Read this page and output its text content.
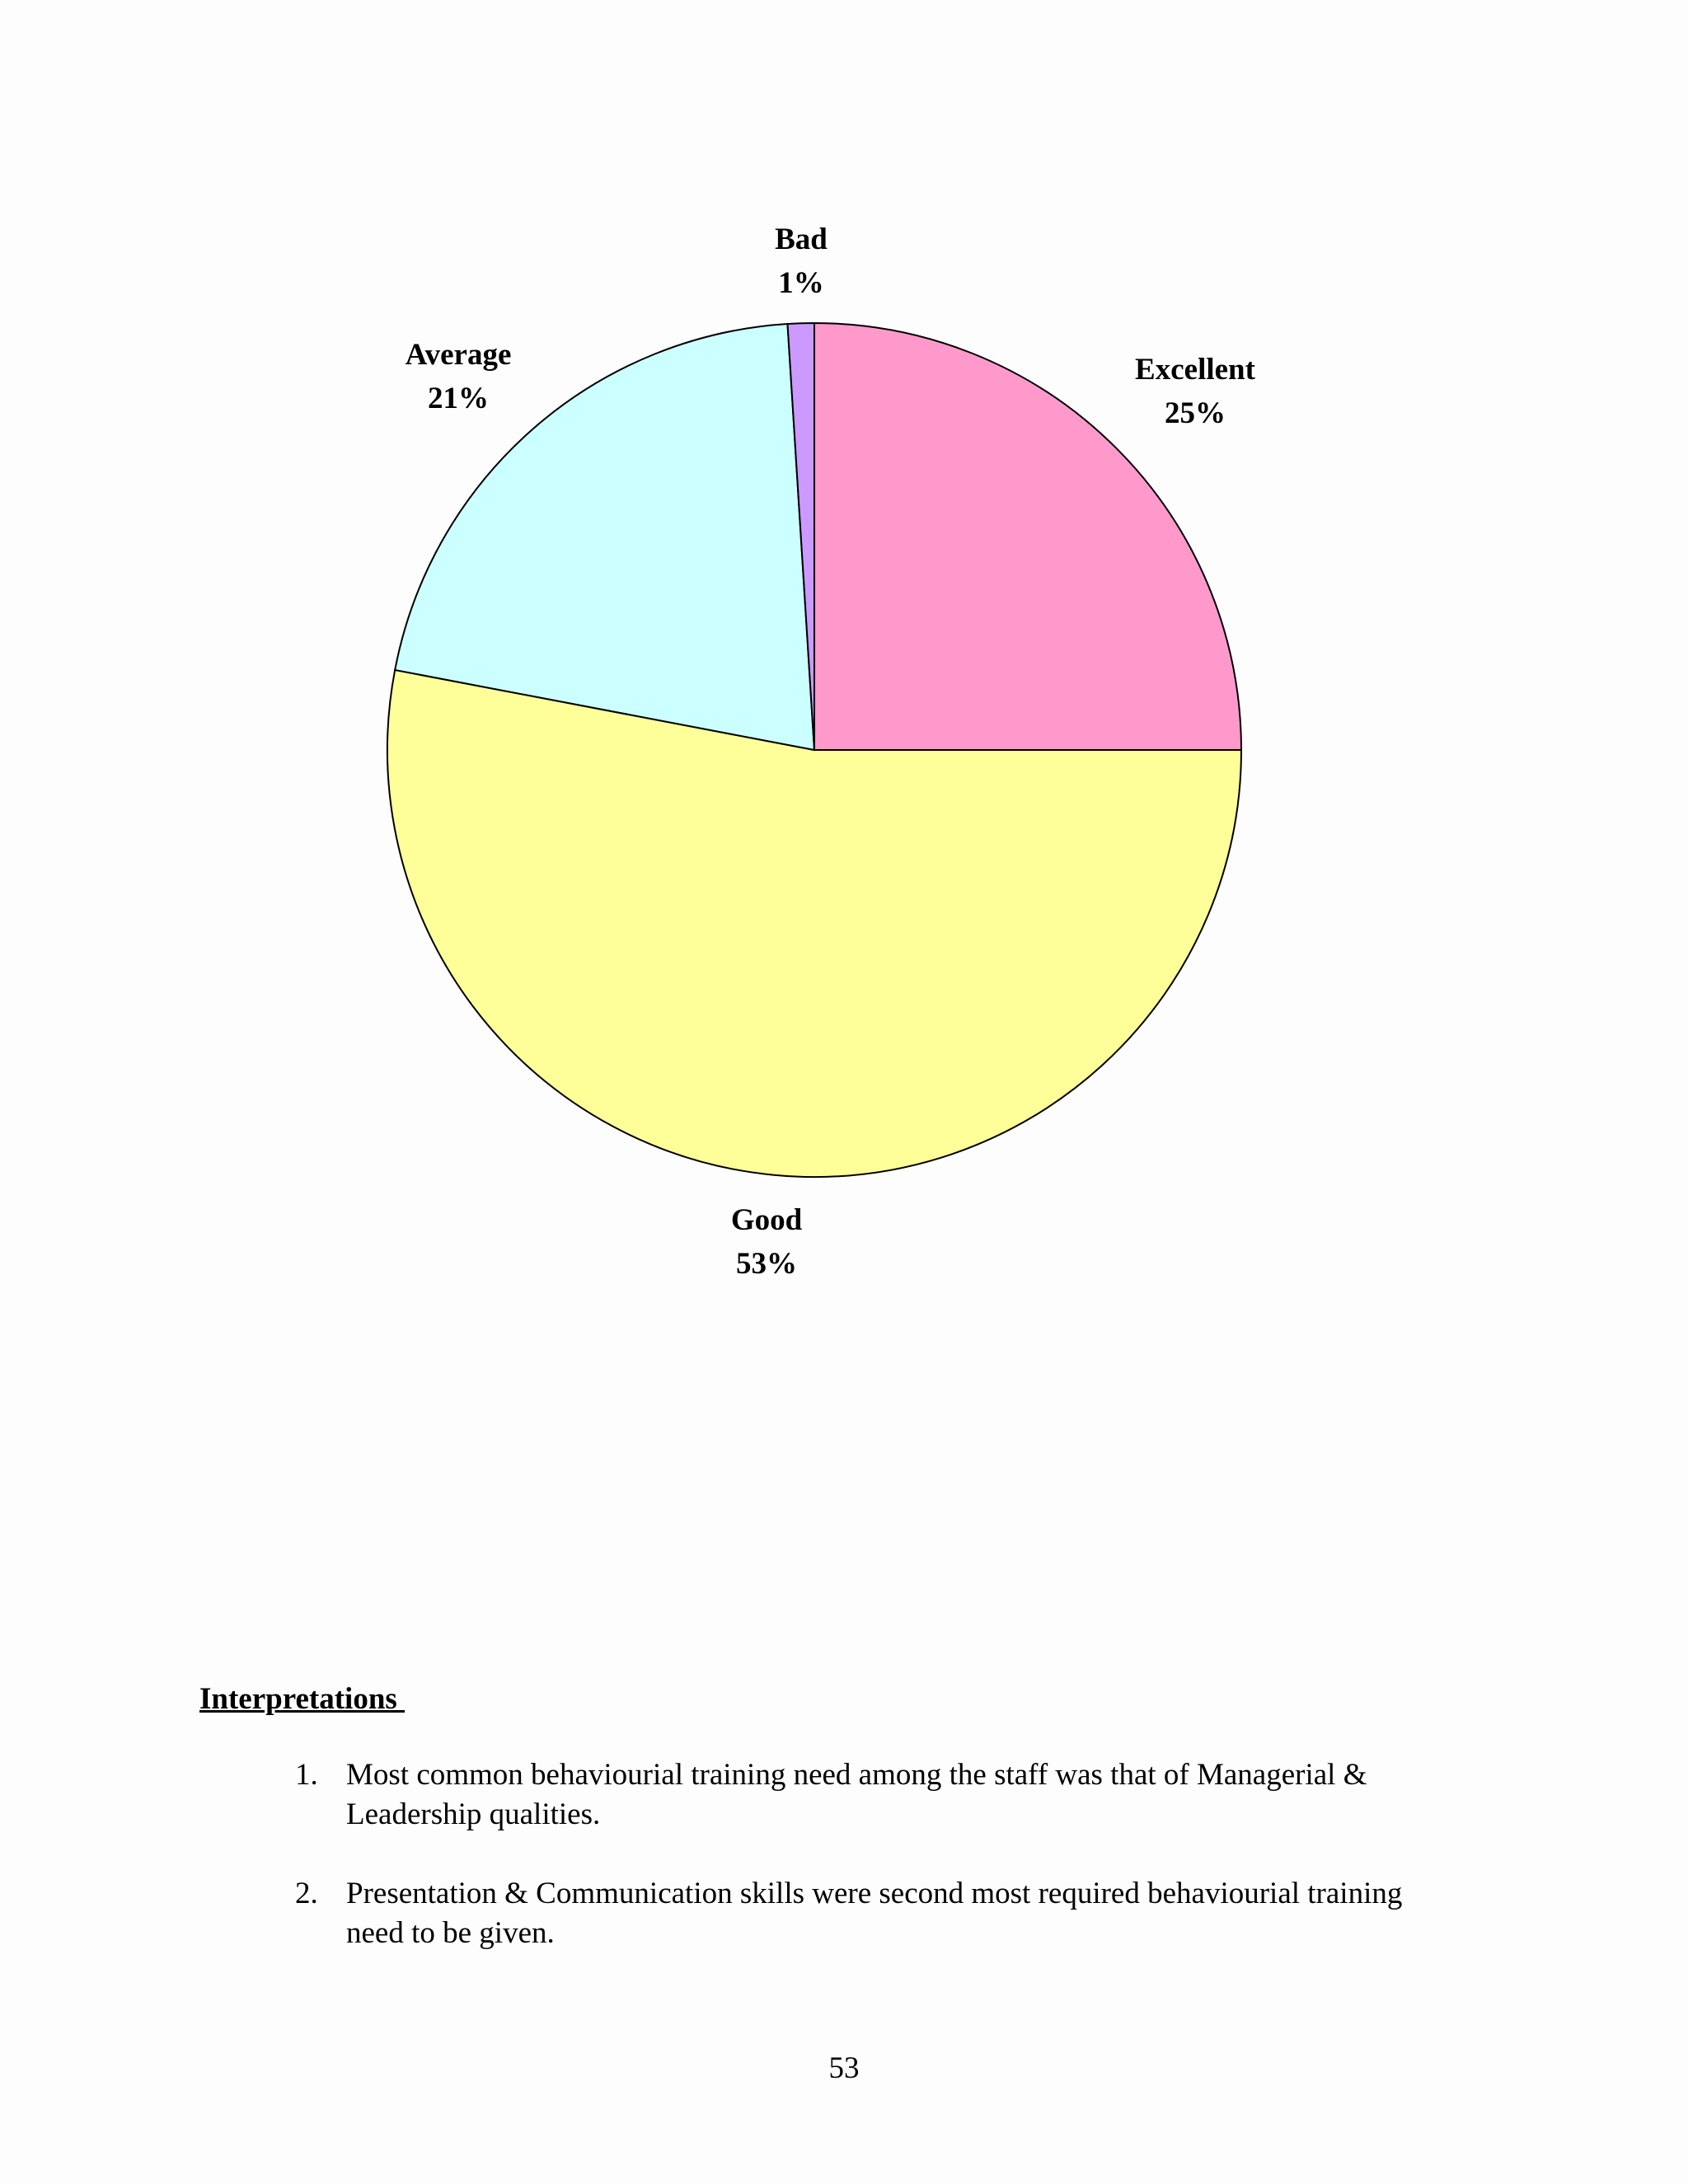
Excellent
25%
Good
53%
Average
21%
Bad
1%
Interpretations
1. Most common behaviourial training need among the staff was that of Managerial & Leadership qualities.
2. Presentation & Communication skills were second most required behaviourial training need to be given.
53
